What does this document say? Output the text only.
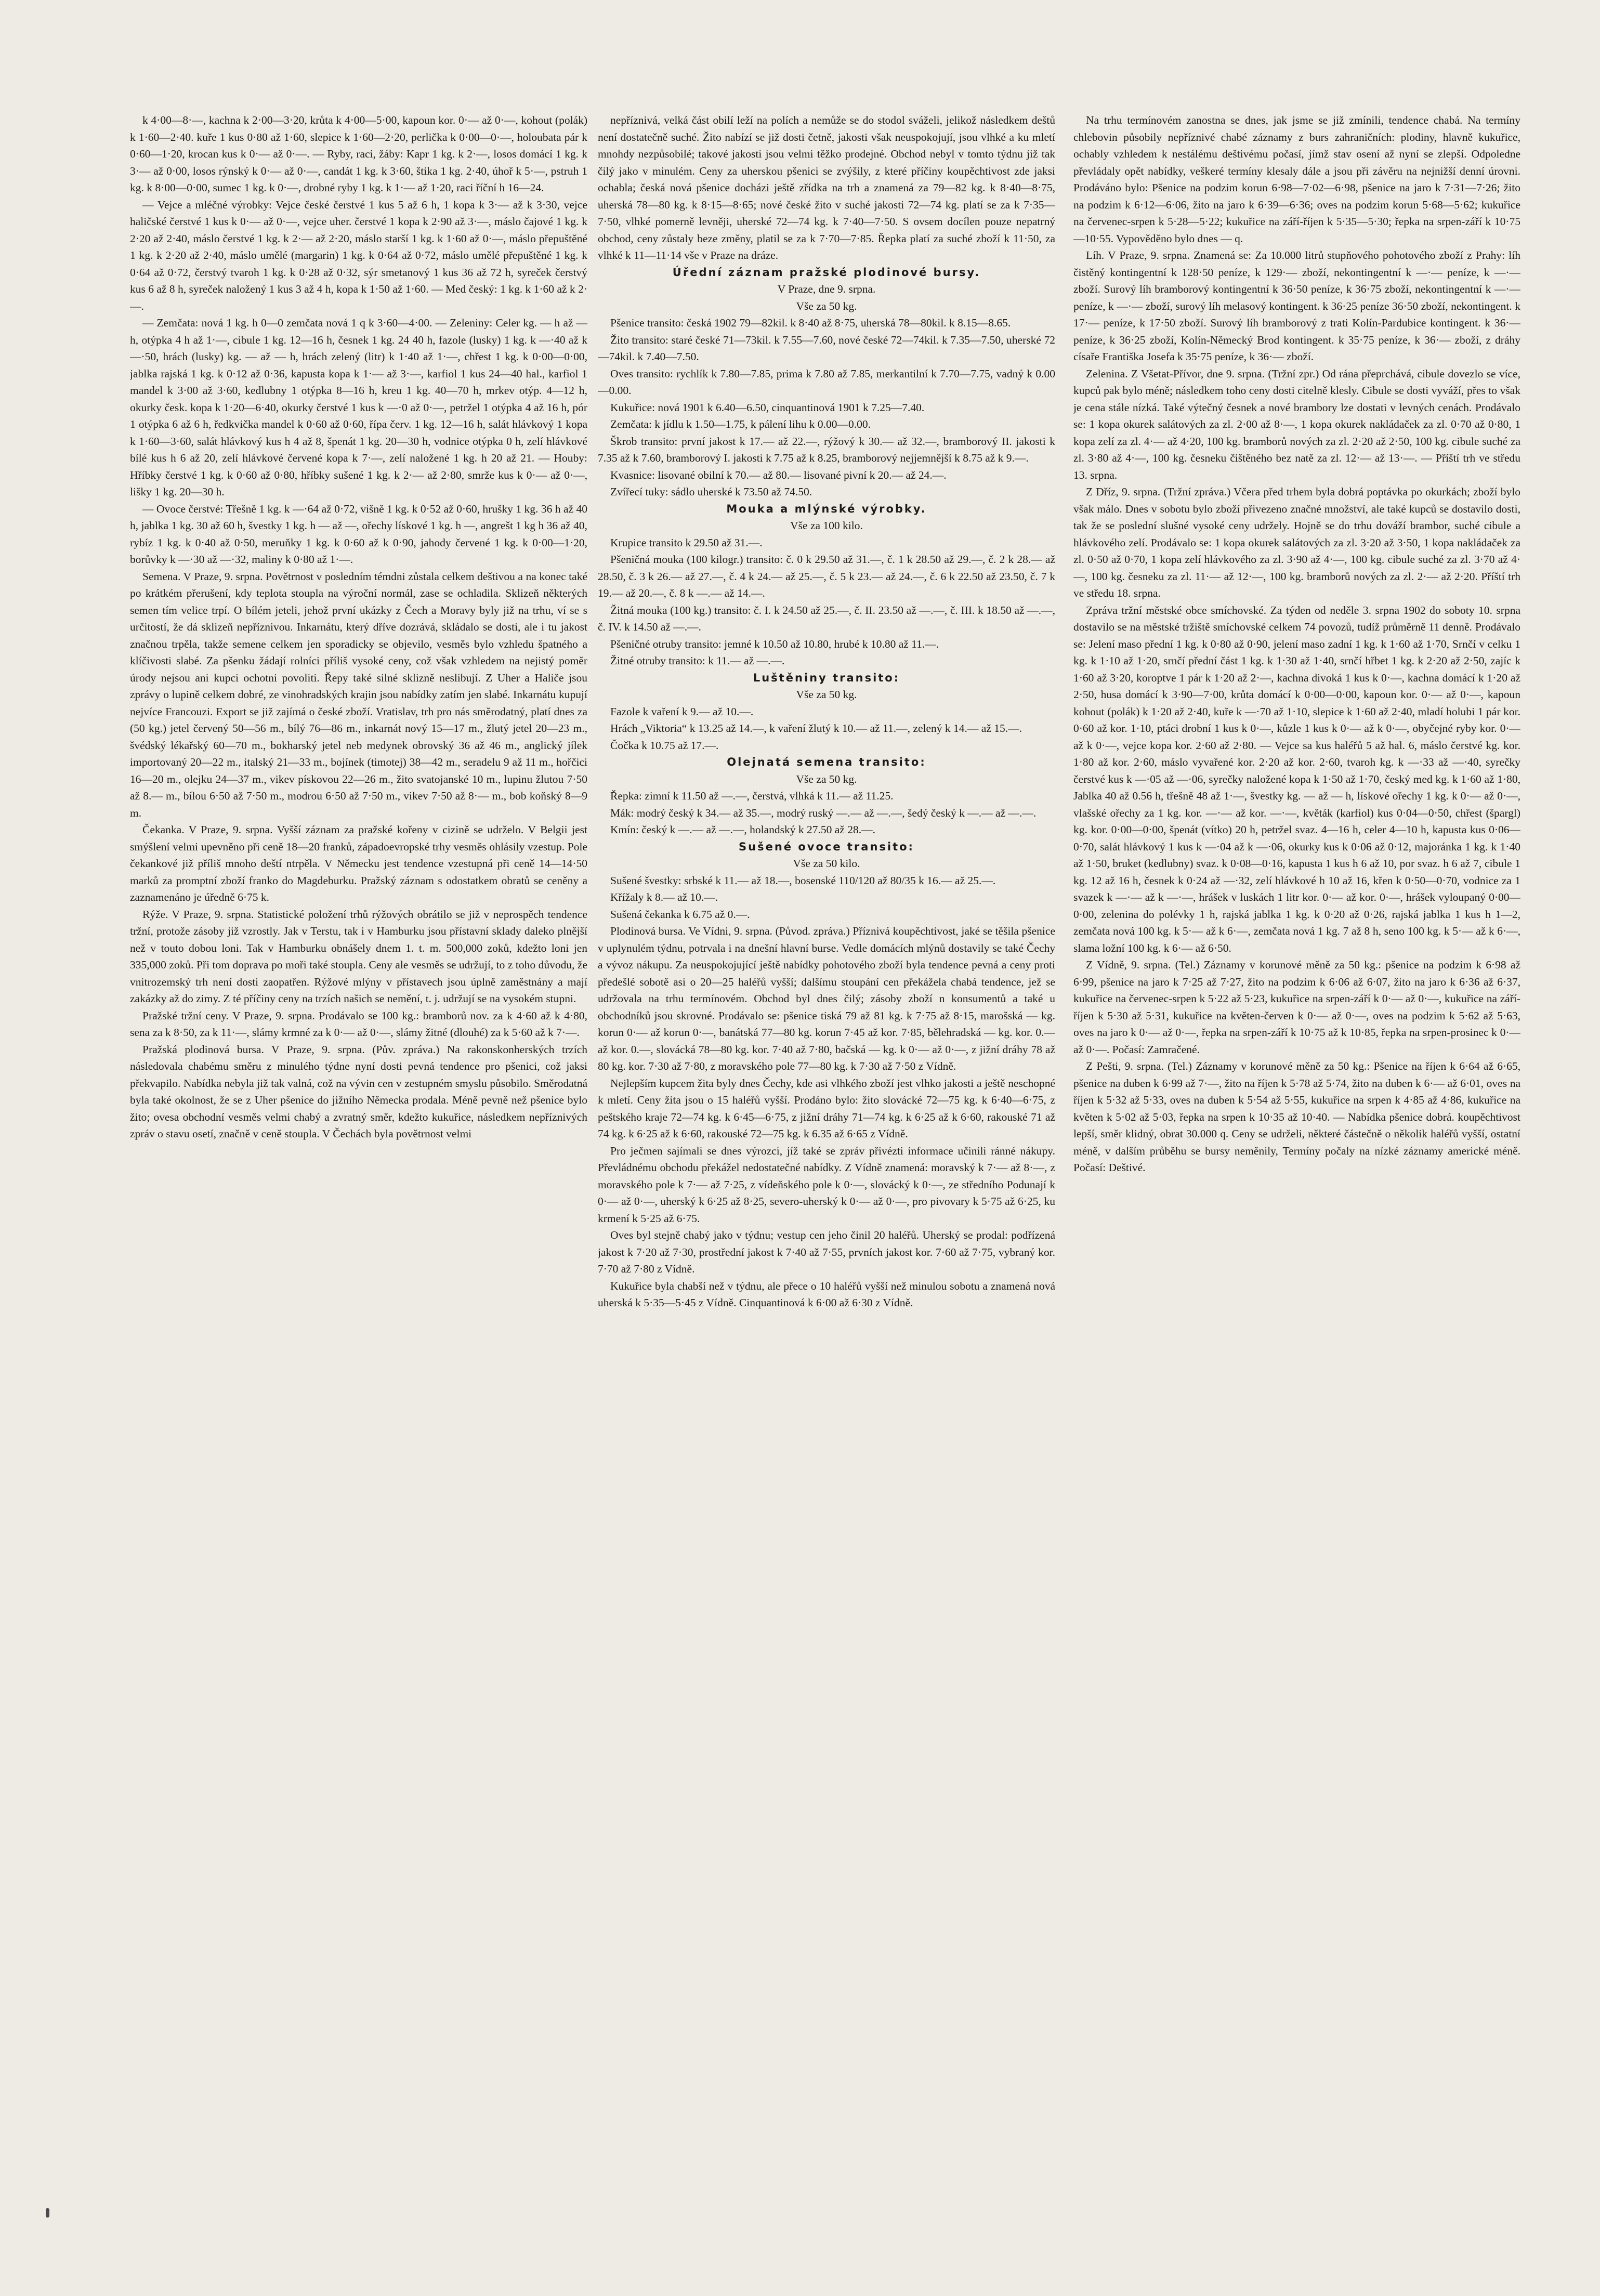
k 4·00—8·—, kachna k 2·00—3·20, krůta k 4·00—5·00, kapoun kor. 0·— až 0·—, kohout (polák) k 1·60—2·40. kuře 1 kus 0·80 až 1·60, slepice k 1·60—2·20, perlička k 0·00—0·—, holoubata pár k 0·60—1·20, krocan kus k 0·— až 0·—. — Ryby, raci, žáby: Kapr 1 kg. k 2·—, losos domácí 1 kg. k 3·— až 0·00, losos rýnský k 0·— až 0·—, candát 1 kg. k 3·60, štika 1 kg. 2·40, úhoř k 5·—, pstruh 1 kg. k 8·00—0·00, sumec 1 kg. k 0·—, drobné ryby 1 kg. k 1·— až 1·20, raci říční h 16—24.

— Vejce a mléčné výrobky: Vejce české čerstvé 1 kus 5 až 6 h, 1 kopa k 3·— až k 3·30, vejce haličské čerstvé 1 kus k 0·— až 0·—, vejce uher. čerstvé 1 kopa k 2·90 až 3·—, máslo čajové 1 kg. k 2·20 až 2·40, máslo čerstvé 1 kg. k 2·— až 2·20, máslo starší 1 kg. k 1·60 až 0·—, máslo přepuštěné 1 kg. k 2·20 až 2·40, máslo umělé (margarin) 1 kg. k 0·64 až 0·72, máslo umělé přepuštěné 1 kg. k 0·64 až 0·72, čerstvý tvaroh 1 kg. k 0·28 až 0·32, sýr smetanový 1 kus 36 až 72 h, syreček čerstvý kus 6 až 8 h, syreček naložený 1 kus 3 až 4 h, kopa k 1·50 až 1·60. — Med český: 1 kg. k 1·60 až k 2·—.

— Zemčata: nová 1 kg. h 0—0 zemčata nová 1 q k 3·60—4·00. — Zeleniny: Celer kg. — h až — h, otýpka 4 h až 1·—, cibule 1 kg. 12—16 h, česnek 1 kg. 24 40 h, fazole (lusky) 1 kg. k —·40 až k —·50, hrách (lusky) kg. — až — h, hrách zelený (litr) k 1·40 až 1·—, chřest 1 kg. k 0·00—0·00, jablka rajská 1 kg. k 0·12 až 0·36, kapusta kopa k 1·— až 3·—, karfiol 1 kus 24—40 hal., karfiol 1 mandel k 3·00 až 3·60, kedlubny 1 otýpka 8—16 h, kreu 1 kg. 40—70 h, mrkev otýp. 4—12 h, okurky česk. kopa k 1·20—6·40, okurky čerstvé 1 kus k —·0 až 0·—, petržel 1 otýpka 4 až 16 h, pór 1 otýpka 6 až 6 h, ředkvička mandel k 0·60 až 0·60, řípa červ. 1 kg. 12—16 h, salát hlávkový 1 kopa k 1·60—3·60, salát hlávkový kus h 4 až 8, špenát 1 kg. 20—30 h, vodnice otýpka 0 h, zelí hlávkové bílé kus h 6 až 20, zelí hlávkové červené kopa k 7·—, zelí naložené 1 kg. h 20 až 21. — Houby: Hříbky čerstvé 1 kg. k 0·60 až 0·80, hříbky sušené 1 kg. k 2·— až 2·80, smrže kus k 0·— až 0·—, lišky 1 kg. 20—30 h.

— Ovoce čerstvé: Třešně 1 kg. k —·64 až 0·72, višně 1 kg. k 0·52 až 0·60, hrušky 1 kg. 36 h až 40 h, jablka 1 kg. 30 až 60 h, švestky 1 kg. h — až —, ořechy lískové 1 kg. h —, angrešt 1 kg h 36 až 40, rybíz 1 kg. k 0·40 až 0·50, meruňky 1 kg. k 0·60 až k 0·90, jahody červené 1 kg. k 0·00—1·20, borůvky k —·30 až —·32, maliny k 0·80 až 1·—.

Semena. V Praze, 9. srpna. Povětrnost v posledním témdni zůstala celkem deštivou a na konec také po krátkém přerušení, kdy teplota stoupla na výroční normál, zase se ochladila. Sklizeň některých semen tím velice trpí. O bílém jeteli, jehož první ukázky z Čech a Moravy byly již na trhu, ví se s určitostí, že dá sklizeň nepříznivou. Inkarnátu, který dříve dozrává, skládalo se dosti, ale i tu jakost značnou trpěla, takže semene celkem jen sporadicky se objevilo, vesměs bylo vzhledu špatného a klíčivosti slabé. Za pšenku žádají rolníci příliš vysoké ceny, což však vzhledem na nejistý poměr úrody nejsou ani kupci ochotni povoliti. Řepy také silné sklizně neslibují. Z Uher a Haliče jsou zprávy o lupině celkem dobré, ze vinohradských krajin jsou nabídky zatím jen slabé. Inkarnátu kupují nejvíce Francouzi. Export se již zajímá o české zboží. Vratislav, trh pro nás směrodatný, platí dnes za (50 kg.) jetel červený 50—56 m., bílý 76—86 m., inkarnát nový 15—17 m., žlutý jetel 20—23 m., švédský lékařský 60—70 m., bokharský jetel neb medynek obrovský 36 až 46 m., anglický jílek importovaný 20—22 m., italský 21—33 m., bojínek (timotej) 38—42 m., seradelu 9 až 11 m., hořčici 16—20 m., olejku 24—37 m., vikev pískovou 22—26 m., žito svatojanské 10 m., lupinu žlutou 7·50 až 8.— m., bílou 6·50 až 7·50 m., modrou 6·50 až 7·50 m., vikev 7·50 až 8·— m., bob koňský 8—9 m.

Čekanka. V Praze, 9. srpna. Vyšší záznam za pražské kořeny v cizině se udrželo. V Belgii jest smýšlení velmi upevněno při ceně 18—20 franků, západoevropské trhy vesměs ohlásily vzestup. Pole čekankové již příliš mnoho deští ntrpěla. V Německu jest tendence vzestupná při ceně 14—14·50 marků za promptní zboží franko do Magdeburku. Pražský záznam s odostatkem obratů se ceněny a zaznamenáno je úředně 6·75 k.

Rýže. V Praze, 9. srpna. Statistické položení trhů rýžových obrátilo se již v neprospěch tendence tržní, protože zásoby již vzrostly. Jak v Terstu, tak i v Hamburku jsou přístavní sklady daleko plnější než v touto dobou loni. Tak v Hamburku obnášely dnem 1. t. m. 500,000 zoků, kdežto loni jen 335,000 zoků. Při tom doprava po moři také stoupla. Ceny ale vesměs se udržují, to z toho důvodu, že vnitrozemský trh není dosti zaopatřen. Rýžové mlýny v přístavech jsou úplně zaměstnány a mají zakázky až do zimy. Z té příčiny ceny na trzích našich se nemění, t. j. udržují se na vysokém stupni.

Pražské tržní ceny. V Praze, 9. srpna. Prodávalo se 100 kg.: bramborů nov. za k 4·60 až k 4·80, sena za k 8·50, za k 11·—, slámy krmné za k 0·— až 0·—, slámy žitné (dlouhé) za k 5·60 až k 7·—.

Pražská plodinová bursa. V Praze, 9. srpna. (Pův. zpráva.) Na rakonskonherských trzích následovala chabému směru z minulého týdne nyní dosti pevná tendence pro pšenici, což jaksi překvapilo. Nabídka nebyla již tak valná, což na vývin cen v zestupném smyslu působilo. Směrodatná byla také okolnost, že se z Uher pšenice do jižního Německa prodala. Méně pevně než pšenice bylo žito; ovesa obchodní vesměs velmi chabý a zvratný směr, kdežto kukuřice, následkem nepříznivých zpráv o stavu osetí, značně v ceně stoupla. V Čechách byla povětrnost velmi

nepříznivá, velká část obilí leží na polích a nemůže se do stodol sváželi, jelikož následkem deštů není dostatečně suché. Žito nabízí se již dosti četně, jakosti však neuspokojují, jsou vlhké a ku mletí mnohdy nezpůsobilé; takové jakosti jsou velmi těžko prodejné. Obchod nebyl v tomto týdnu již tak čilý jako v minulém. Ceny za uherskou pšenici se zvýšily, z které příčiny koupěchtivost zde jaksi ochabla; česká nová pšenice docházi ještě zřídka na trh a znamená za 79—82 kg. k 8·40—8·75, uherská 78—80 kg. k 8·15—8·65; nové české žito v suché jakosti 72—74 kg. platí se za k 7·35—7·50, vlhké pomerně levněji, uherské 72—74 kg. k 7·40—7·50. S ovsem docílen pouze nepatrný obchod, ceny zůstaly beze změny, platil se za k 7·70—7·85. Řepka platí za suché zboží k 11·50, za vlhké k 11—11·14 vše v Praze na dráze.

Úřední záznam pražské plodinové bursy.

V Praze, dne 9. srpna.

Vše za 50 kg.

Pšenice transito: česká 1902 79—82kil. k 8·40 až 8·75, uherská 78—80kil. k 8.15—8.65.

Žito transito: staré české 71—73kil. k 7.55—7.60, nové české 72—74kil. k 7.35—7.50, uherské 72—74kil. k 7.40—7.50.

Oves transito: rychlík k 7.80—7.85, prima k 7.80 až 7.85, merkantilní k 7.70—7.75, vadný k 0.00—0.00.

Kukuřice: nová 1901 k 6.40—6.50, cinquantinová 1901 k 7.25—7.40.

Zemčata: k jídlu k 1.50—1.75, k pálení lihu k 0.00—0.00.

Škrob transito: první jakost k 17.— až 22.—, rýžový k 30.— až 32.—, bramborový II. jakosti k 7.35 až k 7.60, bramborový I. jakosti k 7.75 až k 8.25, bramborový nejjemnější k 8.75 až k 9.—.

Kvasnice: lisované obilní k 70.— až 80.— lisované pivní k 20.— až 24.—.

Zvířecí tuky: sádlo uherské k 73.50 až 74.50.

Mouka a mlýnské výrobky.

Vše za 100 kilo.

Krupice transito k 29.50 až 31.—.

Pšeničná mouka (100 kilogr.) transito: č. 0 k 29.50 až 31.—, č. 1 k 28.50 až 29.—, č. 2 k 28.— až 28.50, č. 3 k 26.— až 27.—, č. 4 k 24.— až 25.—, č. 5 k 23.— až 24.—, č. 6 k 22.50 až 23.50, č. 7 k 19.— až 20.—, č. 8 k —.— až 14.—.

Žitná mouka (100 kg.) transito: č. I. k 24.50 až 25.—, č. II. 23.50 až —.—, č. III. k 18.50 až —.—, č. IV. k 14.50 až —.—.

Pšeničné otruby transito: jemné k 10.50 až 10.80, hrubé k 10.80 až 11.—.

Žitné otruby transito: k 11.— až —.—.

Luštěniny transito:

Vše za 50 kg.

Fazole k vaření k 9.— až 10.—.

Hrách „Viktoria“ k 13.25 až 14.—, k vaření žlutý k 10.— až 11.—, zelený k 14.— až 15.—.

Čočka k 10.75 až 17.—.

Olejnatá semena transito:

Vše za 50 kg.

Řepka: zimní k 11.50 až —.—, čerstvá, vlhká k 11.— až 11.25.

Mák: modrý český k 34.— až 35.—, modrý ruský —.— až —.—, šedý český k —.— až —.—.

Kmín: český k —.— až —.—, holandský k 27.50 až 28.—.

Sušené ovoce transito:

Vše za 50 kilo.

Sušené švestky: srbské k 11.— až 18.—, bosenské 110/120 až 80/35 k 16.— až 25.—.

Křížaly k 8.— až 10.—.

Sušená čekanka k 6.75 až 0.—.

Plodinová bursa. Ve Vídni, 9. srpna. (Původ. zpráva.) Příznivá koupěchtivost, jaké se těšila pšenice v uplynulém týdnu, potrvala i na dnešní hlavní burse. Vedle domácích mlýnů dostavily se také Čechy a vývoz nákupu. Za neuspokojující ještě nabídky pohotového zboží byla tendence pevná a ceny proti předešlé sobotě asi o 20—25 haléřů vyšší; dalšímu stoupání cen překážela chabá tendence, jež se udržovala na trhu termínovém. Obchod byl dnes čilý; zásoby zboží n konsumentů a také u obchodníků jsou skrovné. Prodávalo se: pšenice tiská 79 až 81 kg. k 7·75 až 8·15, marošská — kg. korun 0·— až korun 0·—, banátská 77—80 kg. korun 7·45 až kor. 7·85, bělehradská — kg. kor. 0.— až kor. 0.—, slovácká 78—80 kg. kor. 7·40 až 7·80, bačská — kg. k 0·— až 0·—, z jižní dráhy 78 až 80 kg. kor. 7·30 až 7·80, z moravského pole 77—80 kg. k 7·30 až 7·50 z Vídně.

Nejlepším kupcem žita byly dnes Čechy, kde asi vlhkého zboží jest vlhko jakosti a ještě neschopné k mletí. Ceny žita jsou o 15 haléřů vyšší. Prodáno bylo: žito slovácké 72—75 kg. k 6·40—6·75, z peštského kraje 72—74 kg. k 6·45—6·75, z jižní dráhy 71—74 kg. k 6·25 až k 6·60, rakouské 71 až 74 kg. k 6·25 až k 6·60, rakouské 72—75 kg. k 6.35 až 6·65 z Vídně.

Pro ječmen sajímali se dnes výrozci, jíž také se zpráv přivézti informace učinili ránné nákupy. Převládnému obchodu překážel nedostatečné nabídky. Z Vídně znamená: moravský k 7·— až 8·—, z moravského pole k 7·— až 7·25, z vídeňského pole k 0·—, slovácký k 0·—, ze středního Podunají k 0·— až 0·—, uherský k 6·25 až 8·25, severo-uherský k 0·— až 0·—, pro pivovary k 5·75 až 6·25, ku krmení k 5·25 až 6·75.

Oves byl stejně chabý jako v týdnu; vestup cen jeho činil 20 haléřů. Uherský se prodal: podřízená jakost k 7·20 až 7·30, prostřední jakost k 7·40 až 7·55, prvních jakost kor. 7·60 až 7·75, vybraný kor. 7·70 až 7·80 z Vídně.

Kukuřice byla chabší než v týdnu, ale přece o 10 haléřů vyšší než minulou sobotu a znamená nová uherská k 5·35—5·45 z Vídně. Cinquantinová k 6·00 až 6·30 z Vídně.

Na trhu termínovém zanostna se dnes, jak jsme se již zmínili, tendence chabá. Na termíny chlebovin působily nepříznivé chabé záznamy z burs zahraničních: plodiny, hlavně kukuřice, ochably vzhledem k nestálému deštivému počasí, jímž stav osení až nyní se zlepší. Odpoledne převládaly opět nabídky, veškeré termíny klesaly dále a jsou při závěru na nejnižší denní úrovni. Prodáváno bylo: Pšenice na podzim korun 6·98—7·02—6·98, pšenice na jaro k 7·31—7·26; žito na podzim k 6·12—6·06, žito na jaro k 6·39—6·36; oves na podzim korun 5·68—5·62; kukuřice na červenec-srpen k 5·28—5·22; kukuřice na září-říjen k 5·35—5·30; řepka na srpen-září k 10·75—10·55. Vypověděno bylo dnes — q.

Líh. V Praze, 9. srpna. Znamená se: Za 10.000 litrů stupňového pohotového zboží z Prahy: líh čistěný kontingentní k 128·50 peníze, k 129·— zboží, nekontingentní k —·— peníze, k —·— zboží. Surový líh bramborový kontingentní k 36·50 peníze, k 36·75 zboží, nekontingentní k —·— peníze, k —·— zboží, surový líh melasový kontingent. k 36·25 peníze 36·50 zboží, nekontingent. k 17·— peníze, k 17·50 zboží. Surový líh bramborový z trati Kolín-Pardubice kontingent. k 36·— peníze, k 36·25 zboží, Kolín-Německý Brod kontingent. k 35·75 peníze, k 36·— zboží, z dráhy císaře Františka Josefa k 35·75 peníze, k 36·— zboží.

Zelenina. Z Všetat-Přívor, dne 9. srpna. (Tržní zpr.) Od rána přeprchává, cibule dovezlo se více, kupců pak bylo méně; následkem toho ceny dosti citelně klesly. Cibule se dosti vyváží, přes to však je cena stále nízká. Také výtečný česnek a nové brambory lze dostati v levných cenách. Prodávalo se: 1 kopa okurek salátových za zl. 2·00 až 8·—, 1 kopa okurek nakládaček za zl. 0·70 až 0·80, 1 kopa zelí za zl. 4·— až 4·20, 100 kg. bramborů nových za zl. 2·20 až 2·50, 100 kg. cibule suché za zl. 3·80 až 4·—, 100 kg. česneku čištěného bez natě za zl. 12·— až 13·—. — Příští trh ve středu 13. srpna.

Z Dříz, 9. srpna. (Tržní zpráva.) Včera před trhem byla dobrá poptávka po okurkách; zboží bylo však málo. Dnes v sobotu bylo zboží přivezeno značné množství, ale také kupců se dostavilo dosti, tak že se poslední slušné vysoké ceny udržely. Hojně se do trhu dováží brambor, suché cibule a hlávkového zelí. Prodávalo se: 1 kopa okurek salátových za zl. 3·20 až 3·50, 1 kopa nakládaček za zl. 0·50 až 0·70, 1 kopa zelí hlávkového za zl. 3·90 až 4·—, 100 kg. cibule suché za zl. 3·70 až 4·—, 100 kg. česneku za zl. 11·— až 12·—, 100 kg. bramborů nových za zl. 2·— až 2·20. Příští trh ve středu 18. srpna.

Zpráva tržní městské obce smíchovské. Za týden od neděle 3. srpna 1902 do soboty 10. srpna dostavilo se na městské tržiště smíchovské celkem 74 povozů, tudíž průměrně 11 denně. Prodávalo se: Jelení maso přední 1 kg. k 0·80 až 0·90, jelení maso zadní 1 kg. k 1·60 až 1·70, Srnčí v celku 1 kg. k 1·10 až 1·20, srnčí přední část 1 kg. k 1·30 až 1·40, srnčí hřbet 1 kg. k 2·20 až 2·50, zajíc k 1·60 až 3·20, koroptve 1 pár k 1·20 až 2·—, kachna divoká 1 kus k 0·—, kachna domácí k 1·20 až 2·50, husa domácí k 3·90—7·00, krůta domácí k 0·00—0·00, kapoun kor. 0·— až 0·—, kapoun kohout (polák) k 1·20 až 2·40, kuře k —·70 až 1·10, slepice k 1·60 až 2·40, mladí holubi 1 pár kor. 0·60 až kor. 1·10, ptáci drobní 1 kus k 0·—, kůzle 1 kus k 0·— až k 0·—, obyčejné ryby kor. 0·— až k 0·—, vejce kopa kor. 2·60 až 2·80. — Vejce sa kus haléřů 5 až hal. 6, máslo čerstvé kg. kor. 1·80 až kor. 2·60, máslo vyvařené kor. 2·20 až kor. 2·60, tvaroh kg. k —·33 až —·40, syrečky čerstvé kus k —·05 až —·06, syrečky naložené kopa k 1·50 až 1·70, český med kg. k 1·60 až 1·80, Jablka 40 až 0.56 h, třešně 48 až 1·—, švestky kg. — až — h, lískové ořechy 1 kg. k 0·— až 0·—, vlašské ořechy za 1 kg. kor. —·— až kor. —·—, květák (karfiol) kus 0·04—0·50, chřest (špargl) kg. kor. 0·00—0·00, špenát (vítko) 20 h, petržel svaz. 4—16 h, celer 4—10 h, kapusta kus 0·06—0·70, salát hlávkový 1 kus k —·04 až k —·06, okurky kus k 0·06 až 0·12, majoránka 1 kg. k 1·40 až 1·50, bruket (kedlubny) svaz. k 0·08—0·16, kapusta 1 kus h 6 až 10, por svaz. h 6 až 7, cibule 1 kg. 12 až 16 h, česnek k 0·24 až —·32, zelí hlávkové h 10 až 16, křen k 0·50—0·70, vodnice za 1 svazek k —·— až k —·—, hrášek v luskách 1 litr kor. 0·— až kor. 0·—, hrášek vyloupaný 0·00—0·00, zelenina do polévky 1 h, rajská jablka 1 kg. k 0·20 až 0·26, rajská jablka 1 kus h 1—2, zemčata nová 100 kg. k 5·— až k 6·—, zemčata nová 1 kg. 7 až 8 h, seno 100 kg. k 5·— až k 6·—, slama ložní 100 kg. k 6·— až 6·50.

Z Vídně, 9. srpna. (Tel.) Záznamy v korunové měně za 50 kg.: pšenice na podzim k 6·98 až 6·99, pšenice na jaro k 7·25 až 7·27, žito na podzim k 6·06 až 6·07, žito na jaro k 6·36 až 6·37, kukuřice na červenec-srpen k 5·22 až 5·23, kukuřice na srpen-září k 0·— až 0·—, kukuřice na září-říjen k 5·30 až 5·31, kukuřice na květen-červen k 0·— až 0·—, oves na podzim k 5·62 až 5·63, oves na jaro k 0·— až 0·—, řepka na srpen-září k 10·75 až k 10·85, řepka na srpen-prosinec k 0·— až 0·—. Počasí: Zamračené.

Z Pešti, 9. srpna. (Tel.) Záznamy v korunové měně za 50 kg.: Pšenice na říjen k 6·64 až 6·65, pšenice na duben k 6·99 až 7·—, žito na říjen k 5·78 až 5·74, žito na duben k 6·— až 6·01, oves na říjen k 5·32 až 5·33, oves na duben k 5·54 až 5·55, kukuřice na srpen k 4·85 až 4·86, kukuřice na květen k 5·02 až 5·03, řepka na srpen k 10·35 až 10·40. — Nabídka pšenice dobrá. koupěchtivost lepší, směr klidný, obrat 30.000 q. Ceny se udrželi, některé částečně o několik haléřů vyšší, ostatní méně, v dalším průběhu se bursy neměnily, Termíny počaly na nízké záznamy americké méně. Počasí: Deštivé.
